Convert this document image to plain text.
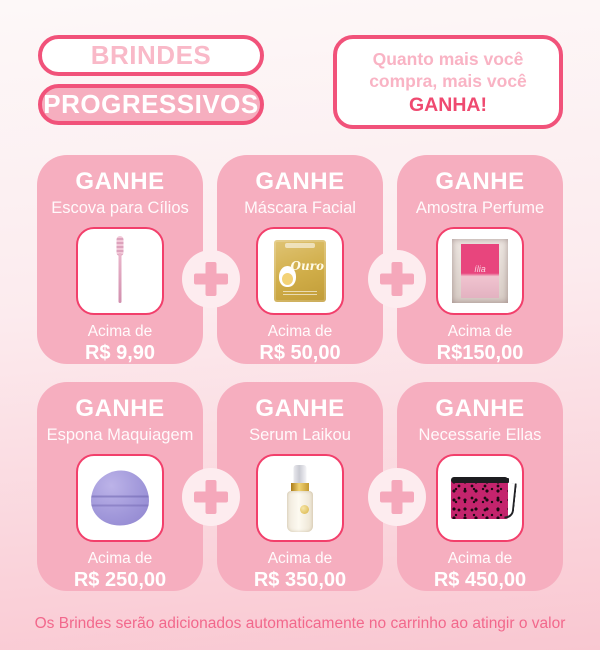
BRINDES
PROGRESSIVOS
Quanto mais você
compra, mais você
GANHA!
GANHE
Escova para Cílios
Acima de
R$ 9,90
GANHE
Máscara Facial
Ouro
Acima de
R$ 50,00
GANHE
Amostra Perfume
ília
Acima de
R$150,00
GANHE
Espona Maquiagem
Acima de
R$ 250,00
GANHE
Serum Laikou
Acima de
R$ 350,00
GANHE
Necessarie Ellas
Acima de
R$ 450,00
Os Brindes serão adicionados automaticamente no carrinho ao atingir o valor
